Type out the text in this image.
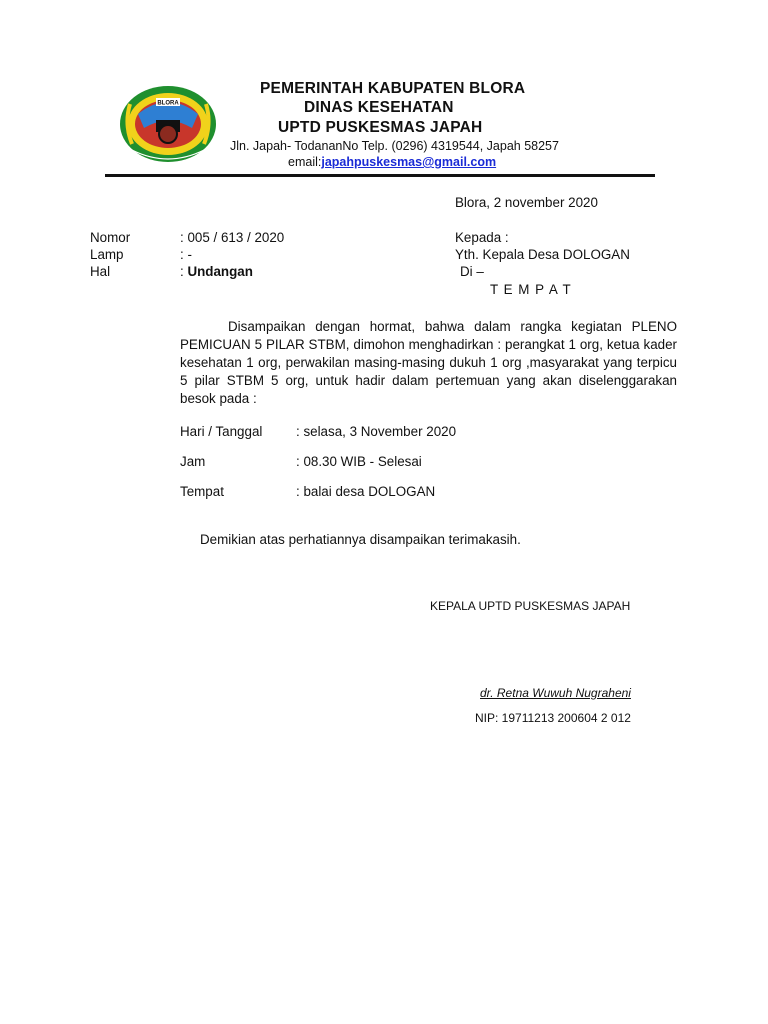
BLORA
PEMERINTAH KABUPATEN BLORA
DINAS KESEHATAN
UPTD PUSKESMAS JAPAH
Jln. Japah- TodananNo Telp. (0296) 4319544, Japah 58257
email:japahpuskesmas@gmail.com
Blora, 2 november 2020
Nomor	: 005 / 613 / 2020
Lamp	: -
Hal	: Undangan
Kepada :
Yth. Kepala Desa DOLOGAN
Di –
T E M P A T
Disampaikan dengan hormat, bahwa dalam rangka kegiatan PLENO PEMICUAN 5 PILAR STBM, dimohon menghadirkan : perangkat 1 org, ketua kader kesehatan 1 org, perwakilan masing-masing dukuh 1 org ,masyarakat yang terpicu 5 pilar STBM 5 org, untuk hadir dalam pertemuan yang akan diselenggarakan besok pada :
Hari / Tanggal	: selasa, 3 November 2020
Jam	: 08.30 WIB - Selesai
Tempat	: balai desa DOLOGAN
Demikian atas perhatiannya disampaikan terimakasih.
KEPALA UPTD PUSKESMAS JAPAH
dr. Retna Wuwuh Nugraheni
NIP: 19711213 200604 2 012
